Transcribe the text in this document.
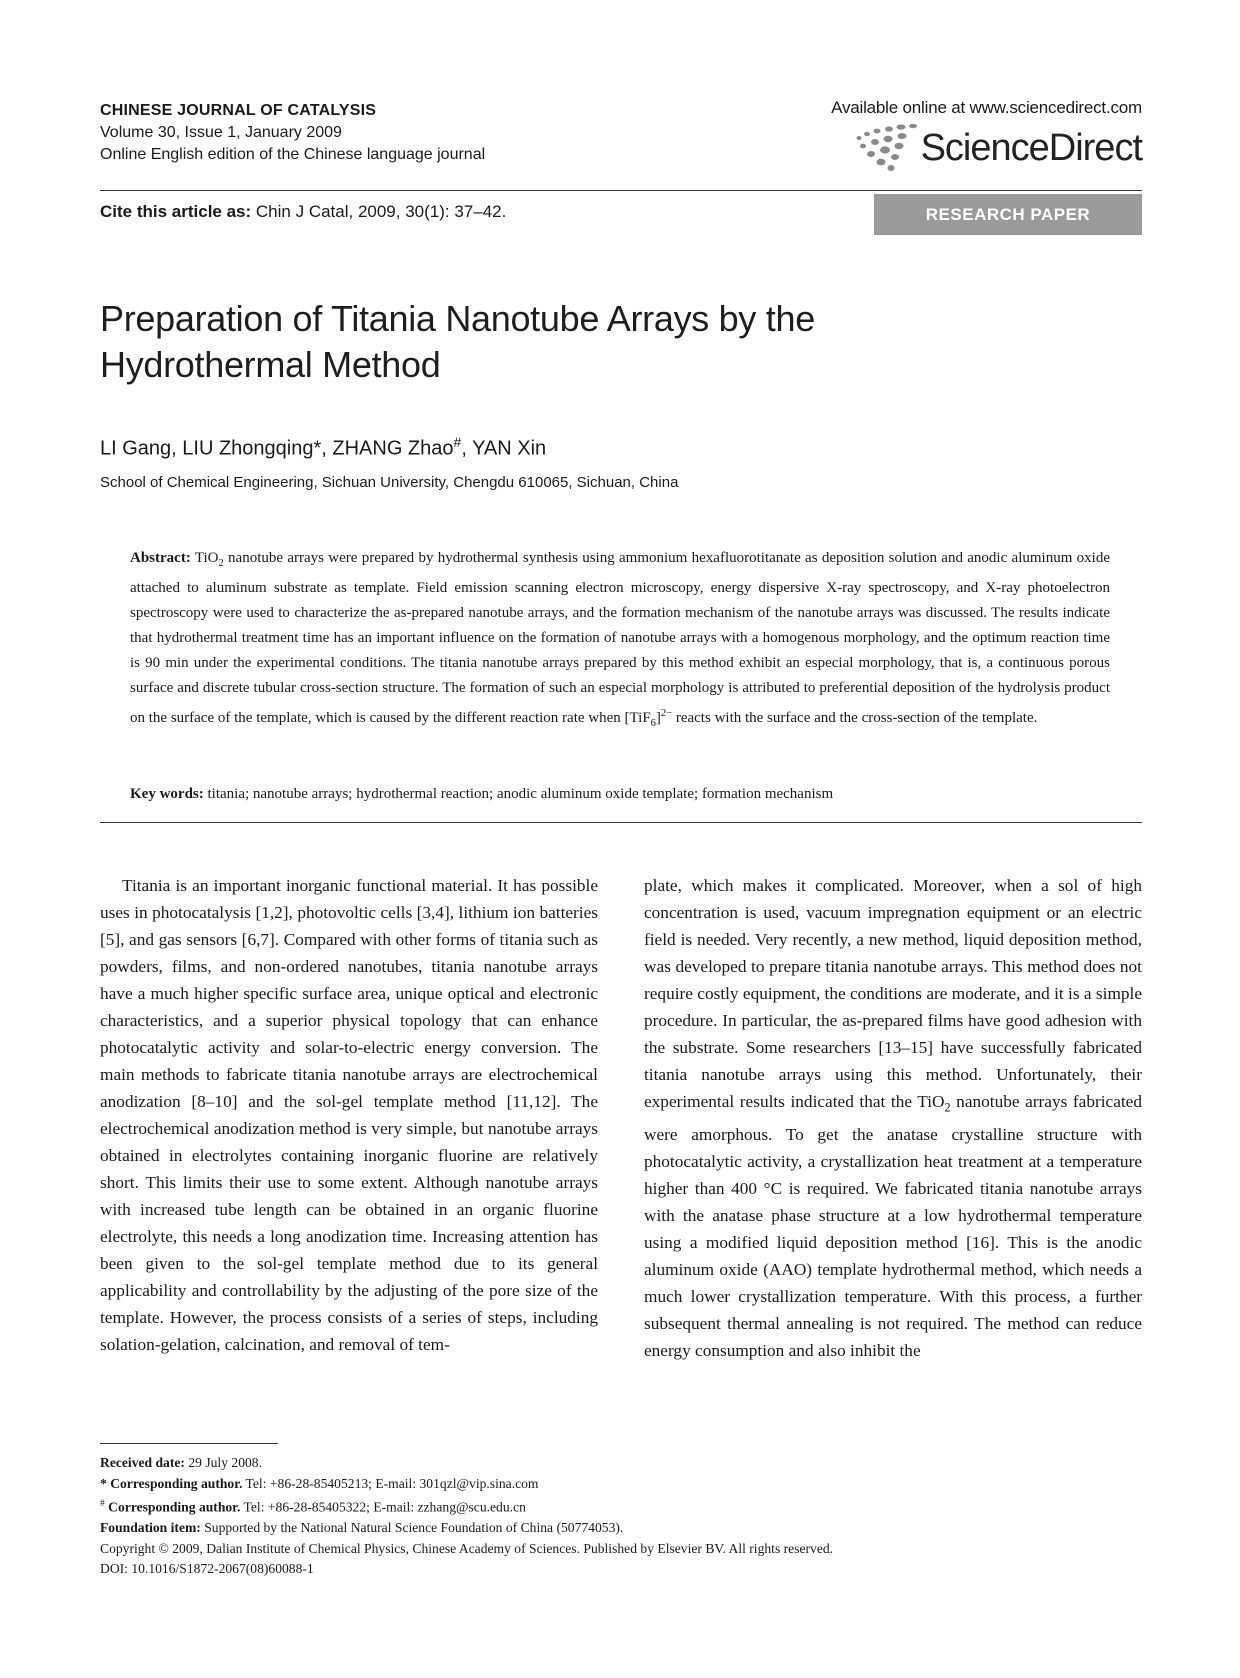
CHINESE JOURNAL OF CATALYSIS
Volume 30, Issue 1, January 2009
Online English edition of the Chinese language journal
Available online at www.sciencedirect.com
ScienceDirect
Cite this article as: Chin J Catal, 2009, 30(1): 37–42.	RESEARCH PAPER
Preparation of Titania Nanotube Arrays by the Hydrothermal Method
LI Gang, LIU Zhongqing*, ZHANG Zhao#, YAN Xin
School of Chemical Engineering, Sichuan University, Chengdu 610065, Sichuan, China
Abstract: TiO$_2$ nanotube arrays were prepared by hydrothermal synthesis using ammonium hexafluorotitanate as deposition solution and anodic aluminum oxide attached to aluminum substrate as template. Field emission scanning electron microscopy, energy dispersive X-ray spectroscopy, and X-ray photoelectron spectroscopy were used to characterize the as-prepared nanotube arrays, and the formation mechanism of the nanotube arrays was discussed. The results indicate that hydrothermal treatment time has an important influence on the formation of nanotube arrays with a homogenous morphology, and the optimum reaction time is 90 min under the experimental conditions. The titania nanotube arrays prepared by this method exhibit an especial morphology, that is, a continuous porous surface and discrete tubular cross-section structure. The formation of such an especial morphology is attributed to preferential deposition of the hydrolysis product on the surface of the template, which is caused by the different reaction rate when $[TiF_6]^{2-}$ reacts with the surface and the cross-section of the template.
Key words: titania; nanotube arrays; hydrothermal reaction; anodic aluminum oxide template; formation mechanism
Titania is an important inorganic functional material. It has possible uses in photocatalysis [1,2], photovoltic cells [3,4], lithium ion batteries [5], and gas sensors [6,7]. Compared with other forms of titania such as powders, films, and non-ordered nanotubes, titania nanotube arrays have a much higher specific surface area, unique optical and electronic characteristics, and a superior physical topology that can enhance photocatalytic activity and solar-to-electric energy conversion. The main methods to fabricate titania nanotube arrays are electrochemical anodization [8–10] and the sol-gel template method [11,12]. The electrochemical anodization method is very simple, but nanotube arrays obtained in electrolytes containing inorganic fluorine are relatively short. This limits their use to some extent. Although nanotube arrays with increased tube length can be obtained in an organic fluorine electrolyte, this needs a long anodization time. Increasing attention has been given to the sol-gel template method due to its general applicability and controllability by the adjusting of the pore size of the template. However, the process consists of a series of steps, including solation-gelation, calcination, and removal of tem-
plate, which makes it complicated. Moreover, when a sol of high concentration is used, vacuum impregnation equipment or an electric field is needed. Very recently, a new method, liquid deposition method, was developed to prepare titania nanotube arrays. This method does not require costly equipment, the conditions are moderate, and it is a simple procedure. In particular, the as-prepared films have good adhesion with the substrate. Some researchers [13–15] have successfully fabricated titania nanotube arrays using this method. Unfortunately, their experimental results indicated that the TiO$_2$ nanotube arrays fabricated were amorphous. To get the anatase crystalline structure with photocatalytic activity, a crystallization heat treatment at a temperature higher than 400 °C is required. We fabricated titania nanotube arrays with the anatase phase structure at a low hydrothermal temperature using a modified liquid deposition method [16]. This is the anodic aluminum oxide (AAO) template hydrothermal method, which needs a much lower crystallization temperature. With this process, a further subsequent thermal annealing is not required. The method can reduce energy consumption and also inhibit the
Received date: 29 July 2008.
* Corresponding author. Tel: +86-28-85405213; E-mail: 301qzl@vip.sina.com
# Corresponding author. Tel: +86-28-85405322; E-mail: zzhang@scu.edu.cn
Foundation item: Supported by the National Natural Science Foundation of China (50774053).
Copyright © 2009, Dalian Institute of Chemical Physics, Chinese Academy of Sciences. Published by Elsevier BV. All rights reserved.
DOI: 10.1016/S1872-2067(08)60088-1
